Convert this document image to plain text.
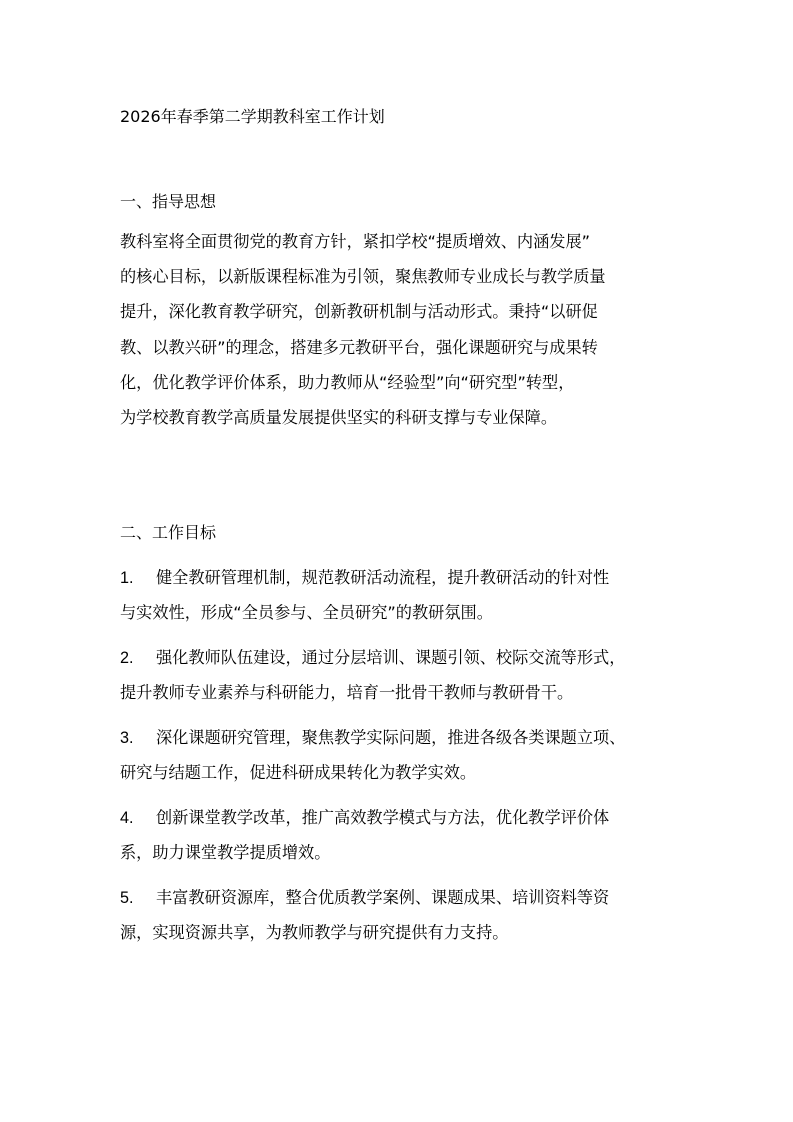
2026年春季第二学期教科室工作计划
一、指导思想
教科室将全面贯彻党的教育方针，紧扣学校“提质增效、内涵发展”
的核心目标，以新版课程标准为引领，聚焦教师专业成长与教学质量
提升，深化教育教学研究，创新教研机制与活动形式。秉持“以研促
教、以教兴研”的理念，搭建多元教研平台，强化课题研究与成果转
化，优化教学评价体系，助力教师从“经验型”向“研究型”转型，
为学校教育教学高质量发展提供坚实的科研支撑与专业保障。
二、工作目标
1. 健全教研管理机制，规范教研活动流程，提升教研活动的针对性
与实效性，形成“全员参与、全员研究”的教研氛围。
2. 强化教师队伍建设，通过分层培训、课题引领、校际交流等形式，
提升教师专业素养与科研能力，培育一批骨干教师与教研骨干。
3. 深化课题研究管理，聚焦教学实际问题，推进各级各类课题立项、
研究与结题工作，促进科研成果转化为教学实效。
4. 创新课堂教学改革，推广高效教学模式与方法，优化教学评价体
系，助力课堂教学提质增效。
5. 丰富教研资源库，整合优质教学案例、课题成果、培训资料等资
源，实现资源共享，为教师教学与研究提供有力支持。
